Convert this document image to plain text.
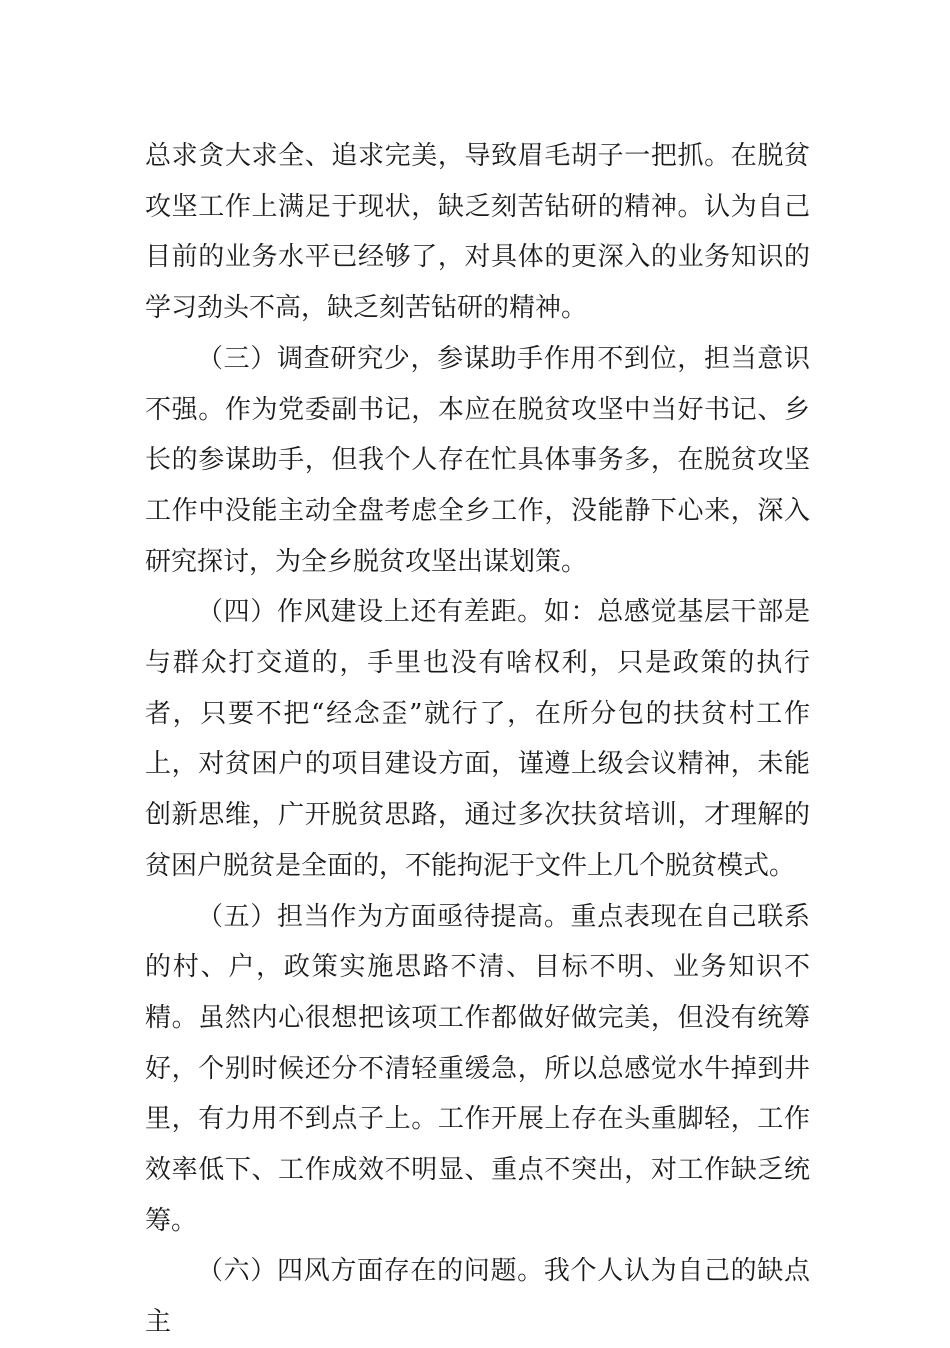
总求贪大求全、追求完美，导致眉毛胡子一把抓。在脱贫攻坚工作上满足于现状，缺乏刻苦钻研的精神。认为自己目前的业务水平已经够了，对具体的更深入的业务知识的学习劲头不高，缺乏刻苦钻研的精神。

（三）调查研究少，参谋助手作用不到位，担当意识不强。作为党委副书记，本应在脱贫攻坚中当好书记、乡长的参谋助手，但我个人存在忙具体事务多，在脱贫攻坚工作中没能主动全盘考虑全乡工作，没能静下心来，深入研究探讨，为全乡脱贫攻坚出谋划策。

（四）作风建设上还有差距。如：总感觉基层干部是与群众打交道的，手里也没有啥权利，只是政策的执行者，只要不把“经念歪”就行了，在所分包的扶贫村工作上，对贫困户的项目建设方面，谨遵上级会议精神，未能创新思维，广开脱贫思路，通过多次扶贫培训，才理解的贫困户脱贫是全面的，不能拘泥于文件上几个脱贫模式。

（五）担当作为方面亟待提高。重点表现在自己联系的村、户，政策实施思路不清、目标不明、业务知识不精。虽然内心很想把该项工作都做好做完美，但没有统筹好，个别时候还分不清轻重缓急，所以总感觉水牛掉到井里，有力用不到点子上。工作开展上存在头重脚轻，工作效率低下、工作成效不明显、重点不突出，对工作缺乏统筹。

（六）四风方面存在的问题。我个人认为自己的缺点主
